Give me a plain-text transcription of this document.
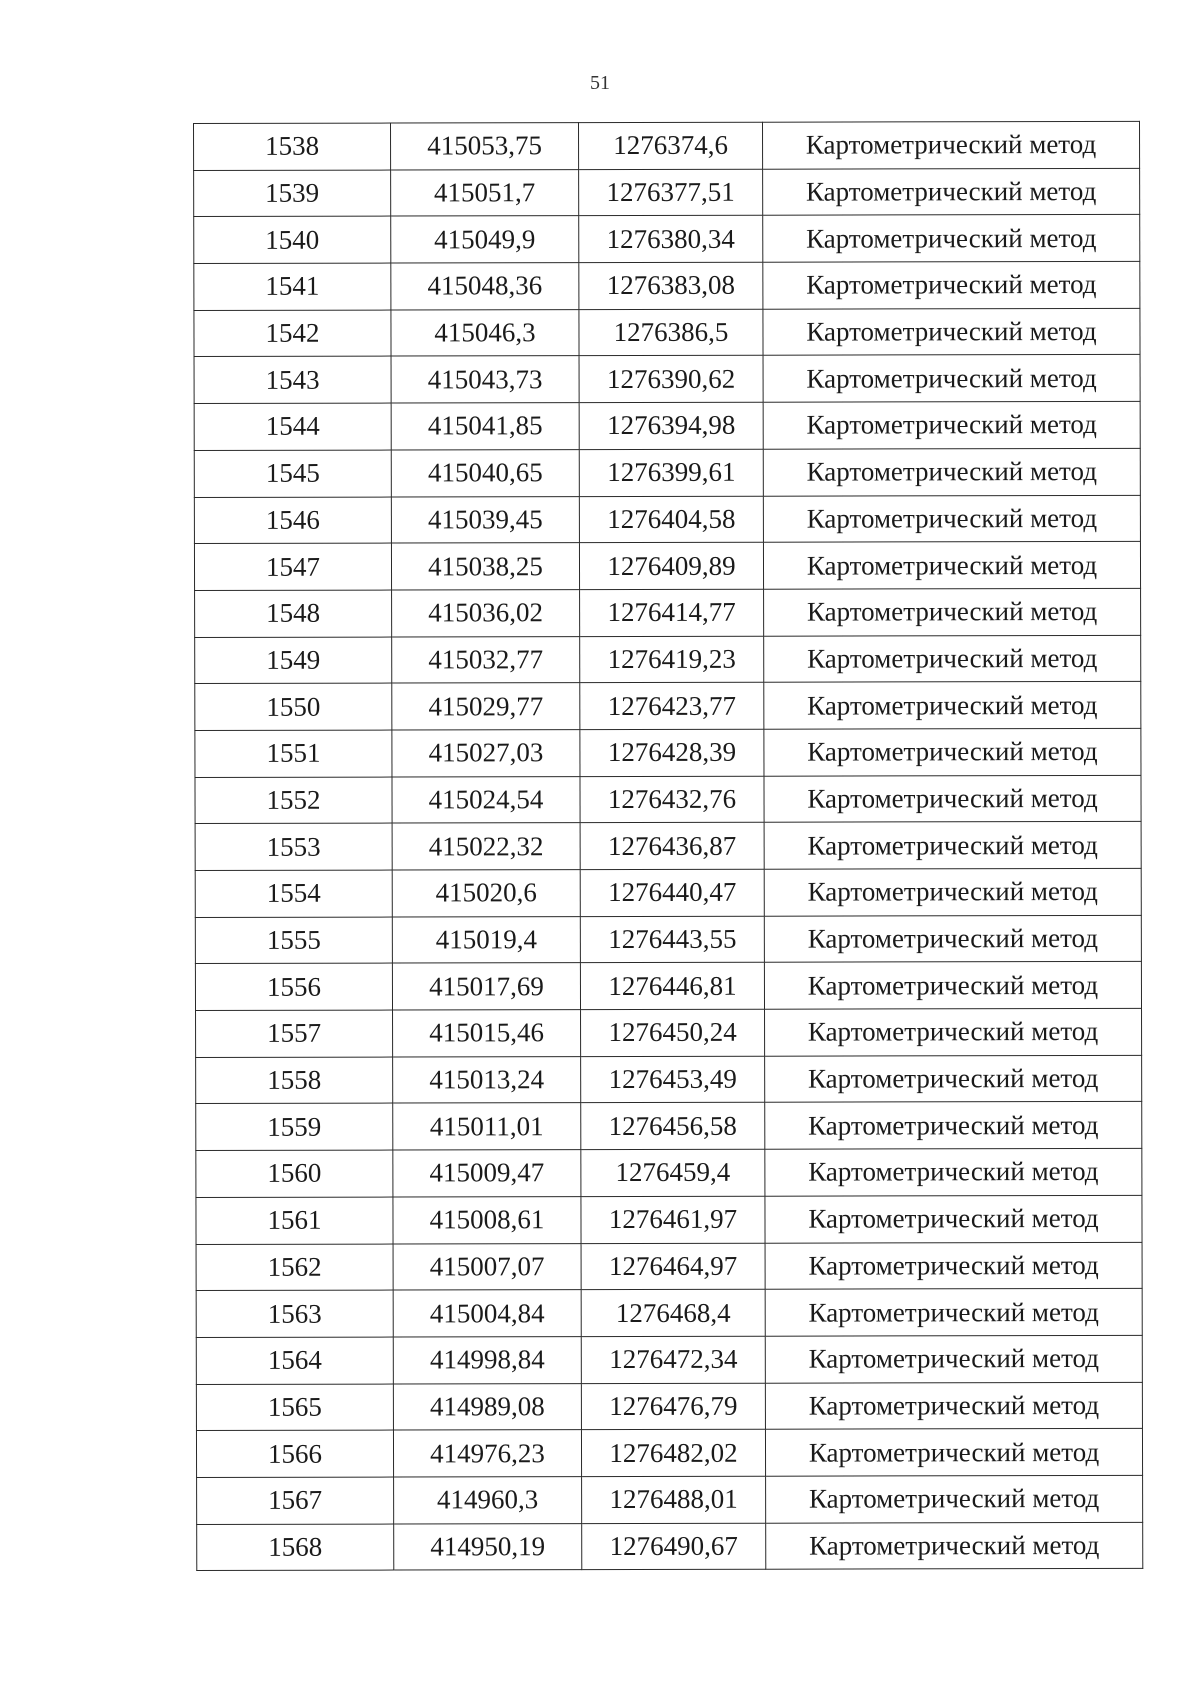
51
1538	415053,75	1276374,6	Картометрический метод
1539	415051,7	1276377,51	Картометрический метод
1540	415049,9	1276380,34	Картометрический метод
1541	415048,36	1276383,08	Картометрический метод
1542	415046,3	1276386,5	Картометрический метод
1543	415043,73	1276390,62	Картометрический метод
1544	415041,85	1276394,98	Картометрический метод
1545	415040,65	1276399,61	Картометрический метод
1546	415039,45	1276404,58	Картометрический метод
1547	415038,25	1276409,89	Картометрический метод
1548	415036,02	1276414,77	Картометрический метод
1549	415032,77	1276419,23	Картометрический метод
1550	415029,77	1276423,77	Картометрический метод
1551	415027,03	1276428,39	Картометрический метод
1552	415024,54	1276432,76	Картометрический метод
1553	415022,32	1276436,87	Картометрический метод
1554	415020,6	1276440,47	Картометрический метод
1555	415019,4	1276443,55	Картометрический метод
1556	415017,69	1276446,81	Картометрический метод
1557	415015,46	1276450,24	Картометрический метод
1558	415013,24	1276453,49	Картометрический метод
1559	415011,01	1276456,58	Картометрический метод
1560	415009,47	1276459,4	Картометрический метод
1561	415008,61	1276461,97	Картометрический метод
1562	415007,07	1276464,97	Картометрический метод
1563	415004,84	1276468,4	Картометрический метод
1564	414998,84	1276472,34	Картометрический метод
1565	414989,08	1276476,79	Картометрический метод
1566	414976,23	1276482,02	Картометрический метод
1567	414960,3	1276488,01	Картометрический метод
1568	414950,19	1276490,67	Картометрический метод
